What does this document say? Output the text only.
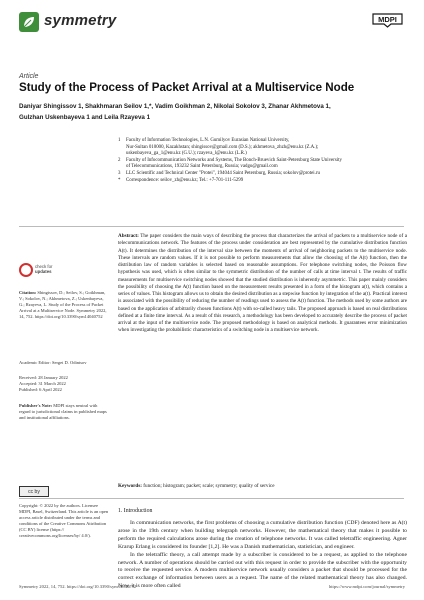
symmetry	MDPI
Article
Study of the Process of Packet Arrival at a Multiservice Node
Daniyar Shingissov 1, Shakhmaran Seilov 1,*, Vadim Goikhman 2, Nikolai Sokolov 3, Zhanar Akhmetova 1,
Gulzhan Uskenbayeva 1 and Leila Rzayeva 1
1

2

3
*
Faculty of Information Technologies, L.N. Gumilyov Eurasian National University,
Nur-Sultan 010000, Kazakhstan; shingissov@gmail.com (D.S.); akhmetova_zhzh@enu.kz (Z.A.);
uskenbayeva_ga_1@enu.kz (G.U.); rzayeva_l@enu.kz (L.R.)
Faculty of Infocommunication Networks and Systems, The Bonch-Bruevich Saint-Petersburg State University
of Telecommunications, 193232 Saint Petersburg, Russia; vadgo@gmail.com
LLC Scientific and Technical Center "Protei", 194044 Saint Petersburg, Russia; sokolov@protei.ru
Correspondence: seilov_zh@enu.kz; Tel.: +7-701-111-5299
Abstract: The paper considers the main ways of describing the process that characterizes the arrival of packets to a multiservice node of a telecommunications network. The features of the process under consideration are best represented by the cumulative distribution function A(t). It determines the distribution of the interval size between the moments of arrival of neighboring packets to the multiservice node. These intervals are random values. If it is not possible to perform measurements that allow the choosing of the A(t) function, then the distribution law of random variables is selected based on reasonable assumptions. For telephone switching nodes, the Poisson flow hypothesis was used, which is often similar to the symmetric distribution of the number of calls at time interval t. The results of traffic measurements for multiservice switching nodes showed that the studied distribution is inherently asymmetric. This paper mainly considers the possibility of choosing the A(t) function based on the measurement results presented in a form of the histogram a(t), which contains a series of values. This histogram allows us to obtain the desired distribution as a stepwise function by integration of the a(t). Practical interest is associated with the possibility of reducing the number of readings used to assess the A(t) function. The methods used by some authors are based on the application of arbitrarily chosen functions A(t) with so-called heavy tails. The proposed approach is based on real distributions defined at a finite time interval. As a result of this research, a methodology has been developed to accurately describe the process of packet arrival at the input of the multiservice node. The proposed methodology is based on analytical methods. It guarantees error minimization when investigating the probabilistic characteristics of a switching node in a multiservice network.
Keywords: function; histogram; packet; scale; symmetry; quality of service
check for
updates
Citation: Shingissov, D.; Seilov, S.; Goikhman, V.; Sokolov, N.; Akhmetova, Z.; Uskenbayeva, G.; Rzayeva, L. Study of the Process of Packet Arrival at a Multiservice Node. Symmetry 2022, 14, 752. https://doi.org/10.3390/sym14040752
Academic Editor: Sergei D. Odintsov
Received: 28 January 2022
Accepted: 31 March 2022
Published: 6 April 2022
Publisher's Note: MDPI stays neutral with regard to jurisdictional claims in published maps and institutional affiliations.
cc by
Copyright: © 2022 by the authors. Licensee MDPI, Basel, Switzerland. This article is an open access article distributed under the terms and conditions of the Creative Commons Attribution (CC BY) license (https:// creativecommons.org/licenses/by/ 4.0/).
1. Introduction
In communication networks, the first problems of choosing a cumulative distribution function (CDF) denoted here as A(t) arose in the 19th century when building telegraph networks. However, the mathematical theory that makes it possible to perform the required calculations arose during the creation of telephone networks. It was called teletraffic engineering. Agner Krarup Erlang is considered its founder [1,2]. He was a Danish mathematician, statistician, and engineer.
In the teletraffic theory, a call attempt made by a subscriber is considered to be a request, as applied to the telephone network. A number of operations should be carried out with this request in order to provide the subscriber with the opportunity to receive the requested service. A modern multiservice network usually considers a packet that should be processed for the correct exchange of information between users as a request. The name of the related mathematical theory has also changed. Now, it is more often called
Symmetry 2022, 14, 752. https://doi.org/10.3390/sym14040752	https://www.mdpi.com/journal/symmetry
